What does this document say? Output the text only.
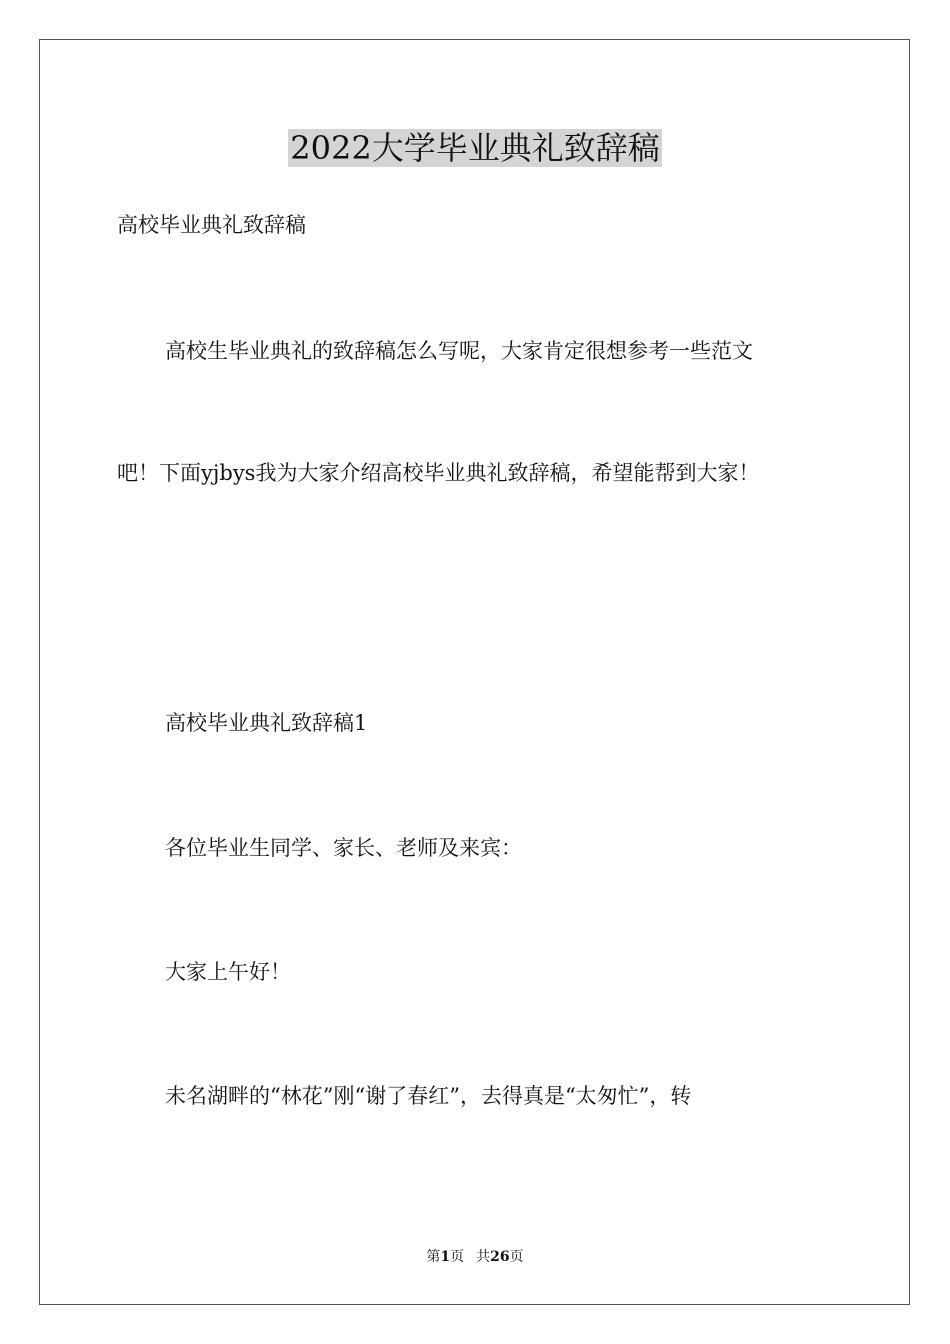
2022大学毕业典礼致辞稿
高校毕业典礼致辞稿
高校生毕业典礼的致辞稿怎么写呢，大家肯定很想参考一些范文
吧！下面yjbys我为大家介绍高校毕业典礼致辞稿，希望能帮到大家！
高校毕业典礼致辞稿1
各位毕业生同学、家长、老师及来宾：
大家上午好！
未名湖畔的“林花”刚“谢了春红”，去得真是“太匆忙”，转
第1页 共26页
